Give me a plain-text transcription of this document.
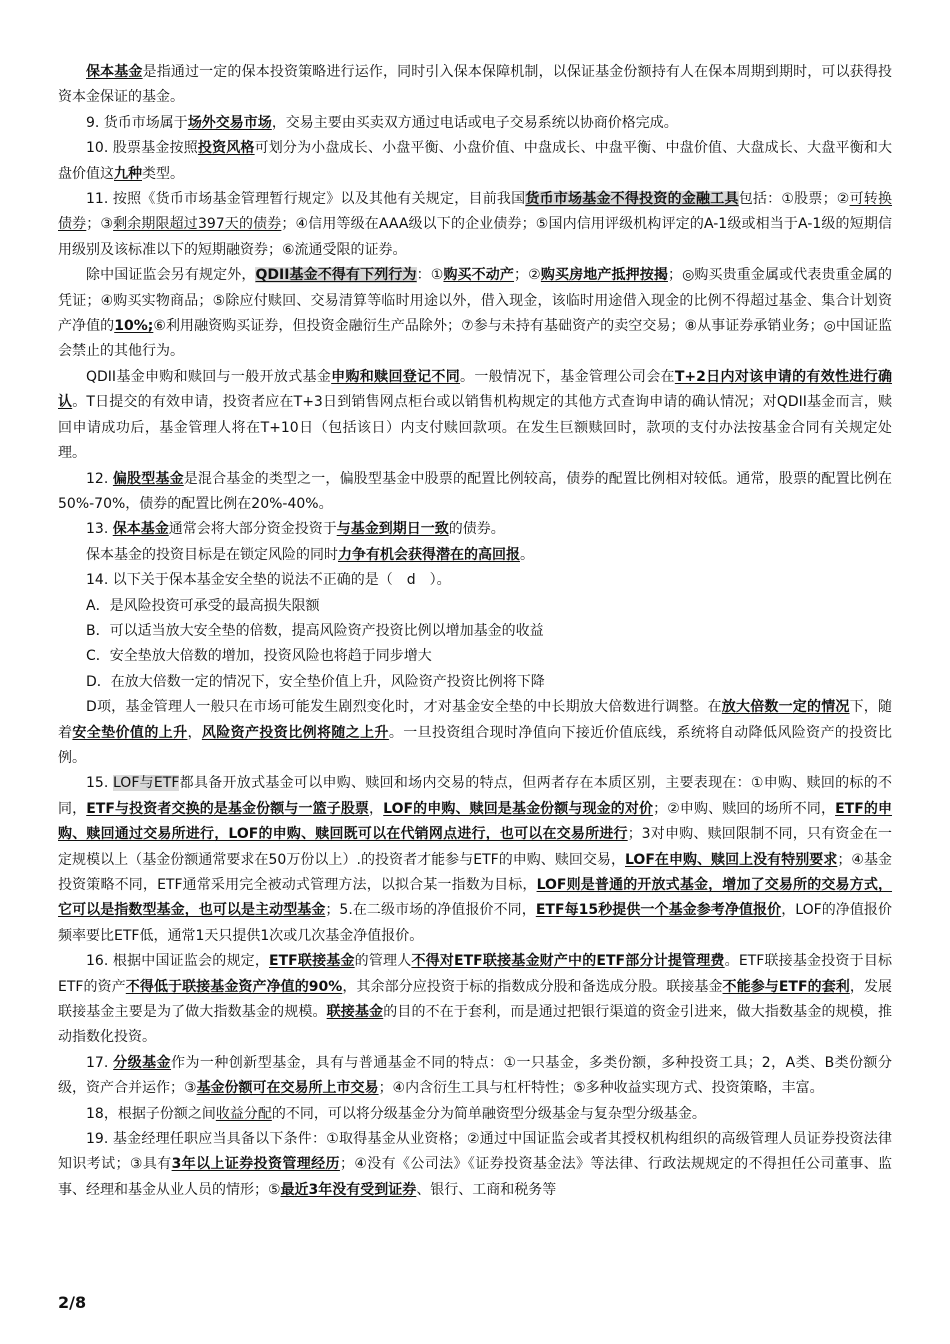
保本基金是指通过一定的保本投资策略进行运作，同时引入保本保障机制，以保证基金份额持有人在保本周期到期时，可以获得投资本金保证的基金。

9. 货币市场属于场外交易市场，交易主要由买卖双方通过电话或电子交易系统以协商价格完成。

10. 股票基金按照投资风格可划分为小盘成长、小盘平衡、小盘价值、中盘成长、中盘平衡、中盘价值、大盘成长、大盘平衡和大盘价值这九种类型。

11. 按照《货币市场基金管理暂行规定》以及其他有关规定，目前我国货币市场基金不得投资的金融工具包括：①股票；②可转换债券；③剩余期限超过397天的债券；④信用等级在AAA级以下的企业债券；⑤国内信用评级机构评定的A-1级或相当于A-1级的短期信用级别及该标准以下的短期融资券；⑥流通受限的证券。

除中国证监会另有规定外，QDII基金不得有下列行为：①购买不动产；②购买房地产抵押按揭；◎购买贵重金属或代表贵重金属的凭证；④购买实物商品；⑤除应付赎回、交易清算等临时用途以外，借入现金，该临时用途借入现金的比例不得超过基金、集合计划资产净值的10%;⑥利用融资购买证券，但投资金融衍生产品除外；⑦参与未持有基础资产的卖空交易；⑧从事证券承销业务；◎中国证监会禁止的其他行为。

QDII基金申购和赎回与一般开放式基金申购和赎回登记不同。一般情况下，基金管理公司会在T+2日内对该申请的有效性进行确认。T日提交的有效申请，投资者应在T+3日到销售网点柜台或以销售机构规定的其他方式查询申请的确认情况；对QDII基金而言，赎回申请成功后，基金管理人将在T+10日（包括该日）内支付赎回款项。在发生巨额赎回时，款项的支付办法按基金合同有关规定处理。

12. 偏股型基金是混合基金的类型之一，偏股型基金中股票的配置比例较高，债券的配置比例相对较低。通常，股票的配置比例在50%-70%，债券的配置比例在20%-40%。

13. 保本基金通常会将大部分资金投资于与基金到期日一致的债券。

保本基金的投资目标是在锁定风险的同时力争有机会获得潜在的高回报。

14. 以下关于保本基金安全垫的说法不正确的是（　d　）。

A．是风险投资可承受的最高损失限额

B．可以适当放大安全垫的倍数，提高风险资产投资比例以增加基金的收益

C．安全垫放大倍数的增加，投资风险也将趋于同步增大

D．在放大倍数一定的情况下，安全垫价值上升，风险资产投资比例将下降

D项，基金管理人一般只在市场可能发生剧烈变化时，才对基金安全垫的中长期放大倍数进行调整。在放大倍数一定的情况下，随着安全垫价值的上升，风险资产投资比例将随之上升。一旦投资组合现时净值向下接近价值底线，系统将自动降低风险资产的投资比例。

15. LOF与ETF都具备开放式基金可以申购、赎回和场内交易的特点，但两者存在本质区别，主要表现在：①申购、赎回的标的不同，ETF与投资者交换的是基金份额与一篮子股票，LOF的申购、赎回是基金份额与现金的对价；②申购、赎回的场所不同，ETF的申购、赎回通过交易所进行，LOF的申购、赎回既可以在代销网点进行，也可以在交易所进行；3对申购、赎回限制不同，只有资金在一定规模以上（基金份额通常要求在50万份以上）.的投资者才能参与ETF的申购、赎回交易，LOF在申购、赎回上没有特别要求；④基金投资策略不同，ETF通常采用完全被动式管理方法，以拟合某一指数为目标，LOF则是普通的开放式基金，增加了交易所的交易方式，它可以是指数型基金，也可以是主动型基金；5.在二级市场的净值报价不同，ETF每15秒提供一个基金参考净值报价，LOF的净值报价频率要比ETF低，通常1天只提供1次或几次基金净值报价。

16. 根据中国证监会的规定，ETF联接基金的管理人不得对ETF联接基金财产中的ETF部分计提管理费。ETF联接基金投资于目标ETF的资产不得低于联接基金资产净值的90%，其余部分应投资于标的指数成分股和备选成分股。联接基金不能参与ETF的套利，发展联接基金主要是为了做大指数基金的规模。联接基金的目的不在于套利，而是通过把银行渠道的资金引进来，做大指数基金的规模，推动指数化投资。

17. 分级基金作为一种创新型基金，具有与普通基金不同的特点：①一只基金，多类份额，多种投资工具；2，A类、B类份额分级，资产合并运作；③基金份额可在交易所上市交易；④内含衍生工具与杠杆特性；⑤多种收益实现方式、投资策略，丰富。

18，根据子份额之间收益分配的不同，可以将分级基金分为简单融资型分级基金与复杂型分级基金。

19. 基金经理任职应当具备以下条件：①取得基金从业资格；②通过中国证监会或者其授权机构组织的高级管理人员证券投资法律知识考试；③具有3年以上证券投资管理经历；④没有《公司法》《证券投资基金法》等法律、行政法规规定的不得担任公司董事、监事、经理和基金从业人员的情形；⑤最近3年没有受到证券、银行、工商和税务等

2/8
